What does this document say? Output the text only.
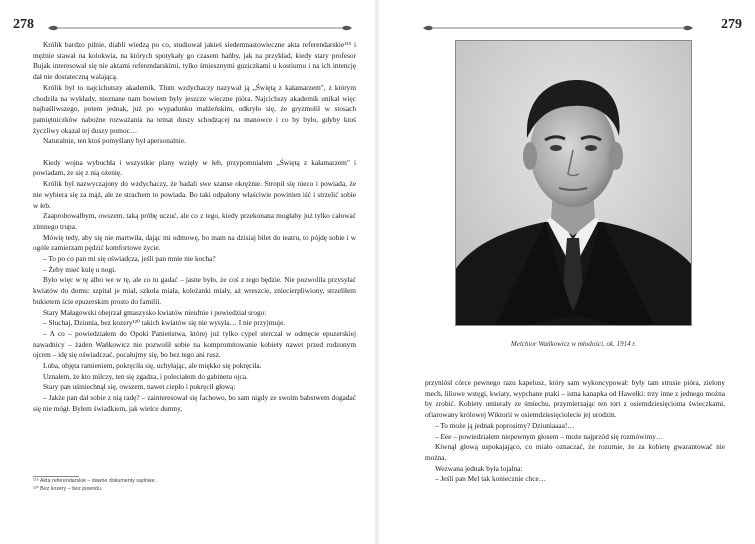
278

Królik bardzo pilnie, diabli wiedzą po co, studiował jakieś siedemnastowieczne akta referendarskie¹¹⁹ i mężnie stawał na kolokwia, na których spotykały go czasem hańby, jak na przykład, kiedy stary profesor Bujak interesował się nie aktami referendarskimi, tylko śmiesznymi guziczkami u kostiumu i na ich intencję dał nie dostateczną walającą.

Królik był to najcichutszy akademik. Tłum wzdychaczy nazywał ją „Świętą z kałamarzem", z którym chodziła na wykłady, nieznane nam bowiem były jeszcze wieczne pióra. Najcichszy akademik unikał więc najbaśliwszego, potem jednak, już po wypadunku małżeńskim, odkryło się, że gryzmolił w stosach pamiętniczków nabożne rozważania na temat duszy schodzącej na manowce i co by było, gdyby ktoś życzliwy okazał tej duszy pomoc…

Naturalnie, ten ktoś pomyślany był apersonalnie.

Kiedy wojna wybuchła i wszystkie plany wzięły w łeb, przypomniałem „Świętą z kałamarzem" i powiadam, że się z nią ożenię.

Królik był nazwyczajony do wzdychaczy, że badali swe szanse okrężnie. Stropił się nieco i powiada, że nie wybiera się za mąż, ale ze strachem to powiada. Bo taki odpalony właściwie powinien iść i strzelić sobie w łeb.

Zaaprobowałbym, owszem, taką próbę uczuć, ale co z tego, kiedy przekonana mogłaby już tylko całować zimnego trupa.

Mówię tedy, aby się nie martwiła, dając mi odmowę, bo mam na dzisiaj bilet do teatru, to pójdę sobie i w ogóle zamierzam pędzić komfortowe życie.

– To po co pan mi się oświadcza, jeśli pan mnie nie kocha?

– Żeby mieć kulę u nogi.

Było więc w tę albo we w tę, ale co tu gadać – jasne było, że coś z tego będzie. Nie pozwoliła przysyłać kwiatów do domu: szpital je miał, szkoła miała, koleżanki miały, aż wreszcie, zniecierpliwiony, strzeliłem bukietem ście epuzerskim prosto do familii.

Stary Małagowski obejrzał gmaszysko kwiatów nieufnie i powiedział srogo:

– Słuchaj, Dziunia, bez kozery¹²⁰ takich kwiatów się nie wysyła… I nie przyjmuje.

– A co – powiedziałem do Opoki Panieństwa, której już tylko cypel sterczał w odmęcie epuzerskiej nawadnicy – żaden Wańkowicz nie pozwolił sobie na kompromitowanie kobiety nawet przed rodzonym ojcem – idę się oświadczać, pocałujmy się, bo bez tego ani rusz.

Luba, objęta ramieniem, pokręciła się, uchyłając, ale miękko się pokręciła.

Uznałem, że kto milczy, ten się zgadza, i poleciałem do gabinetu ojca.

Stary pan uśmiechnął się, owszem, nawet ciepło i pokręcił głową:

– Jakże pan dał sobie z nią radę? – zainteresował się fachowo, bo sam nigdy ze swoim babstwem dogadać się nie mógł. Byłem świadkiem, jak wielce dumny,

¹¹⁹ Akta referendarskie – dawne dokumenty sądowe.
¹²⁰ Bez kozery – bez powodu.
279
Melchior Wańkowicz w młodości, ok. 1914 r.

przyniósł córce pewnego razu kapelusz, który sam wykoncypował: były tam strusie pióra, zielony mech, liliowe wstęgi, kwiaty, wypchane ptaki – istna kanapka od Hawełki: trzy inne z jednego można by zrobić. Kobiety umierały ze śmiechu, przymierzając ten tort z osiemdziesięcioma świeczkami, ofiarowany królowej Wiktorii w osiemdziesięciolecie jej urodzin.

– To może ją jednak poprosimy? Dziuniaaaa!…

– Eee – powiedziałem niepewnym głosem – może najprzód się rozmówimy…

Kiwnął głową uspokajająco, co miało oznaczać, że rozumie, że za kobietę gwarantować nie można.

Wezwana jednak była lojalna:

– Jeśli pan Mel tak koniecznie chce…
